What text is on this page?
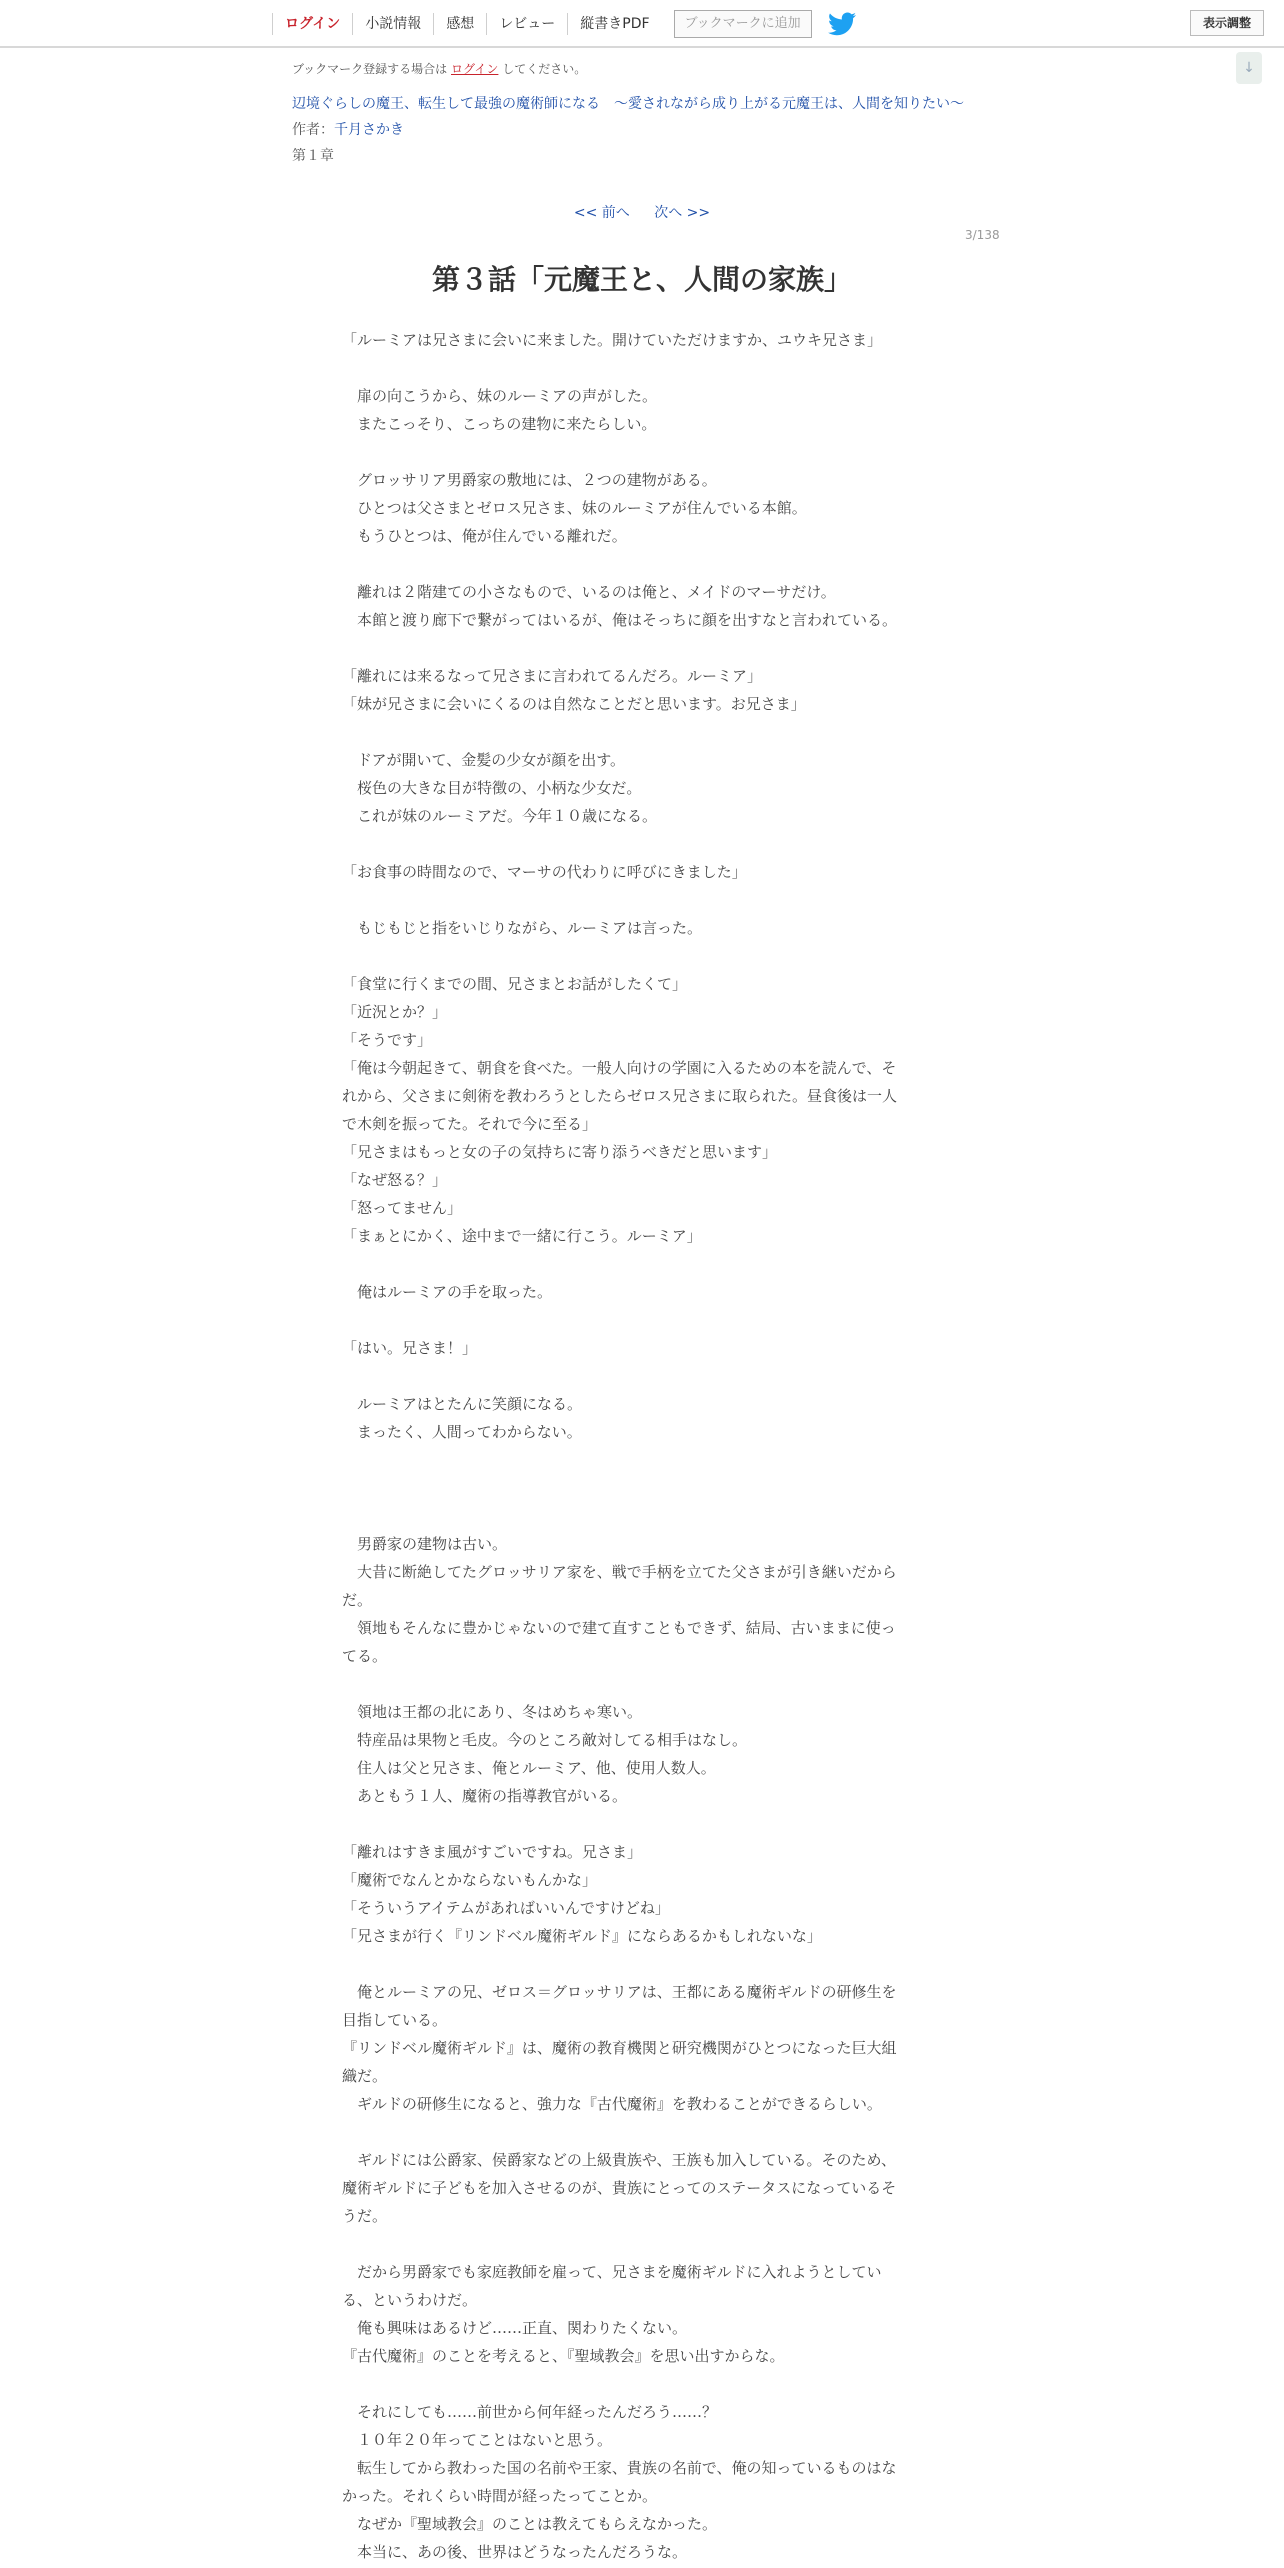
ログイン	小説情報	感想	レビュー	縦書きPDF	ブックマークに追加	表示調整
↓
ブックマーク登録する場合は ログイン してください。
辺境ぐらしの魔王、転生して最強の魔術師になる　〜愛されながら成り上がる元魔王は、人間を知りたい〜
作者：千月さかき
第１章
<< 前へ 次へ >>
3/138
第３話「元魔王と、人間の家族」
「ルーミアは兄さまに会いに来ました。開けていただけますか、ユウキ兄さま」
　扉の向こうから、妹のルーミアの声がした。
　またこっそり、こっちの建物に来たらしい。
　グロッサリア男爵家の敷地には、２つの建物がある。
　ひとつは父さまとゼロス兄さま、妹のルーミアが住んでいる本館。
　もうひとつは、俺が住んでいる離れだ。
　離れは２階建ての小さなもので、いるのは俺と、メイドのマーサだけ。
　本館と渡り廊下で繋がってはいるが、俺はそっちに顔を出すなと言われている。
「離れには来るなって兄さまに言われてるんだろ。ルーミア」
「妹が兄さまに会いにくるのは自然なことだと思います。お兄さま」
　ドアが開いて、金髪の少女が顔を出す。
　桜色の大きな目が特徴の、小柄な少女だ。
　これが妹のルーミアだ。今年１０歳になる。
「お食事の時間なので、マーサの代わりに呼びにきました」
　もじもじと指をいじりながら、ルーミアは言った。
「食堂に行くまでの間、兄さまとお話がしたくて」
「近況とか？」
「そうです」
「俺は今朝起きて、朝食を食べた。一般人向けの学園に入るための本を読んで、そ
れから、父さまに剣術を教わろうとしたらゼロス兄さまに取られた。昼食後は一人
で木剣を振ってた。それで今に至る」
「兄さまはもっと女の子の気持ちに寄り添うべきだと思います」
「なぜ怒る？」
「怒ってません」
「まぁとにかく、途中まで一緒に行こう。ルーミア」
　俺はルーミアの手を取った。
「はい。兄さま！」
　ルーミアはとたんに笑顔になる。
　まったく、人間ってわからない。
　男爵家の建物は古い。
　大昔に断絶してたグロッサリア家を、戦で手柄を立てた父さまが引き継いだから
だ。
　領地もそんなに豊かじゃないので建て直すこともできず、結局、古いままに使っ
てる。
　領地は王都の北にあり、冬はめちゃ寒い。
　特産品は果物と毛皮。今のところ敵対してる相手はなし。
　住人は父と兄さま、俺とルーミア、他、使用人数人。
　あともう１人、魔術の指導教官がいる。
「離れはすきま風がすごいですね。兄さま」
「魔術でなんとかならないもんかな」
「そういうアイテムがあればいいんですけどね」
「兄さまが行く『リンドベル魔術ギルド』にならあるかもしれないな」
　俺とルーミアの兄、ゼロス＝グロッサリアは、王都にある魔術ギルドの研修生を
目指している。
『リンドベル魔術ギルド』は、魔術の教育機関と研究機関がひとつになった巨大組
織だ。
　ギルドの研修生になると、強力な『古代魔術』を教わることができるらしい。
　ギルドには公爵家、侯爵家などの上級貴族や、王族も加入している。そのため、
魔術ギルドに子どもを加入させるのが、貴族にとってのステータスになっているそ
うだ。
　だから男爵家でも家庭教師を雇って、兄さまを魔術ギルドに入れようとしてい
る、というわけだ。
　俺も興味はあるけど……正直、関わりたくない。
『古代魔術』のことを考えると、『聖域教会』を思い出すからな。
　それにしても……前世から何年経ったんだろう……？
　１０年２０年ってことはないと思う。
　転生してから教わった国の名前や王家、貴族の名前で、俺の知っているものはな
かった。それくらい時間が経ったってことか。
　なぜか『聖域教会』のことは教えてもらえなかった。
　本当に、あの後、世界はどうなったんだろうな。
